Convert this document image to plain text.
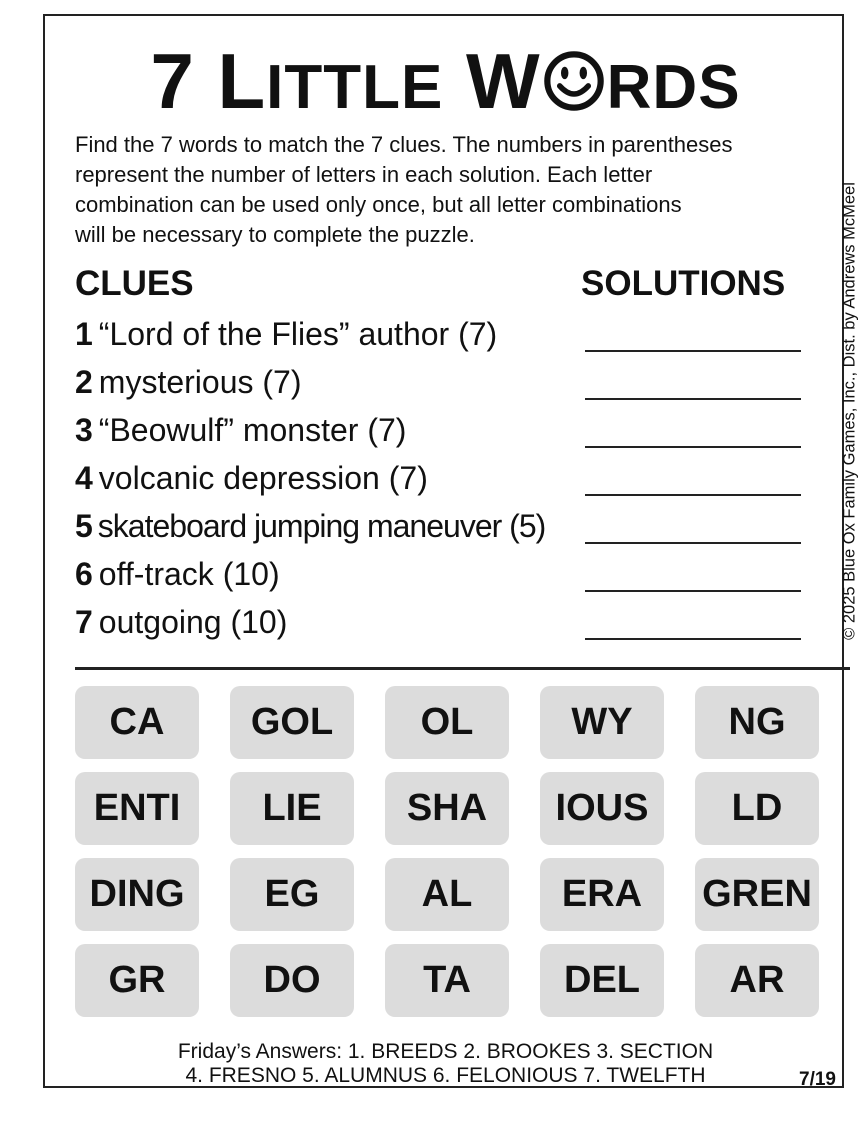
7 LITTLE W RDS
Find the 7 words to match the 7 clues. The numbers in parentheses
represent the number of letters in each solution. Each letter
combination can be used only once, but all letter combinations
will be necessary to complete the puzzle.
CLUES	SOLUTIONS
1 “Lord of the Flies” author (7)
2 mysterious (7)
3 “Beowulf” monster (7)
4 volcanic depression (7)
5 skateboard jumping maneuver (5)
6 off-track (10)
7 outgoing (10)	© 2025 Blue Ox Family Games, Inc., Dist. by Andrews McMeel
CA	GOL	OL	WY	NG
ENTI	LIE	SHA	IOUS	LD
DING	EG	AL	ERA	GREN
GR	DO	TA	DEL	AR
Friday’s Answers: 1. BREEDS 2. BROOKES 3. SECTION
4. FRESNO 5. ALUMNUS 6. FELONIOUS 7. TWELFTH	7/19
